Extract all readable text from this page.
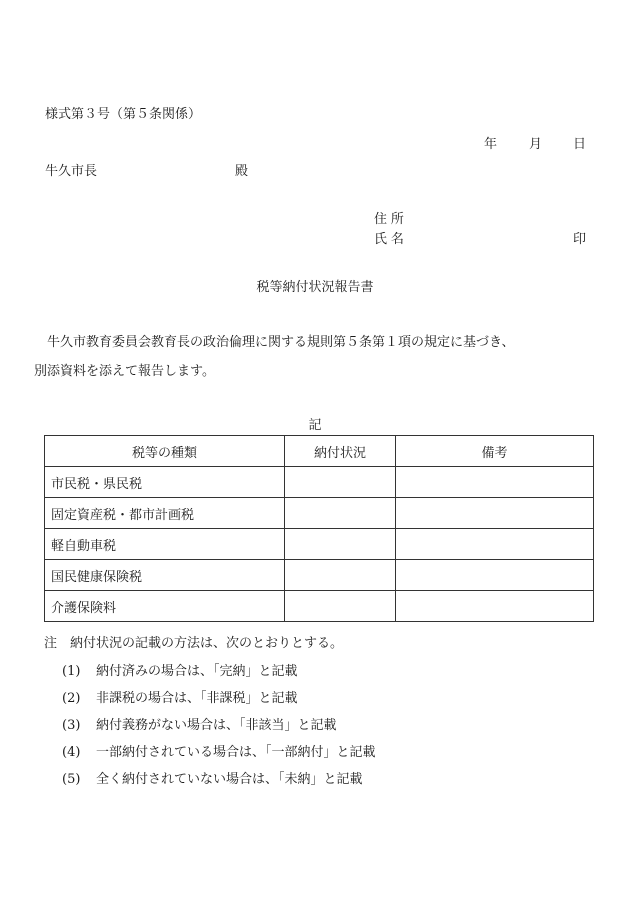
様式第３号（第５条関係）
年 月 日
牛久市長	殿
住所
氏名	印
税等納付状況報告書
牛久市教育委員会教育長の政治倫理に関する規則第５条第１項の規定に基づき、
別添資料を添えて報告します。
記
税等の種類	納付状況	備考
市民税・県民税		
固定資産税・都市計画税		
軽自動車税		
国民健康保険税		
介護保険料		
注　納付状況の記載の方法は、次のとおりとする。
(1) 納付済みの場合は、「完納」と記載
(2) 非課税の場合は、「非課税」と記載
(3) 納付義務がない場合は、「非該当」と記載
(4) 一部納付されている場合は、「一部納付」と記載
(5) 全く納付されていない場合は、「未納」と記載
